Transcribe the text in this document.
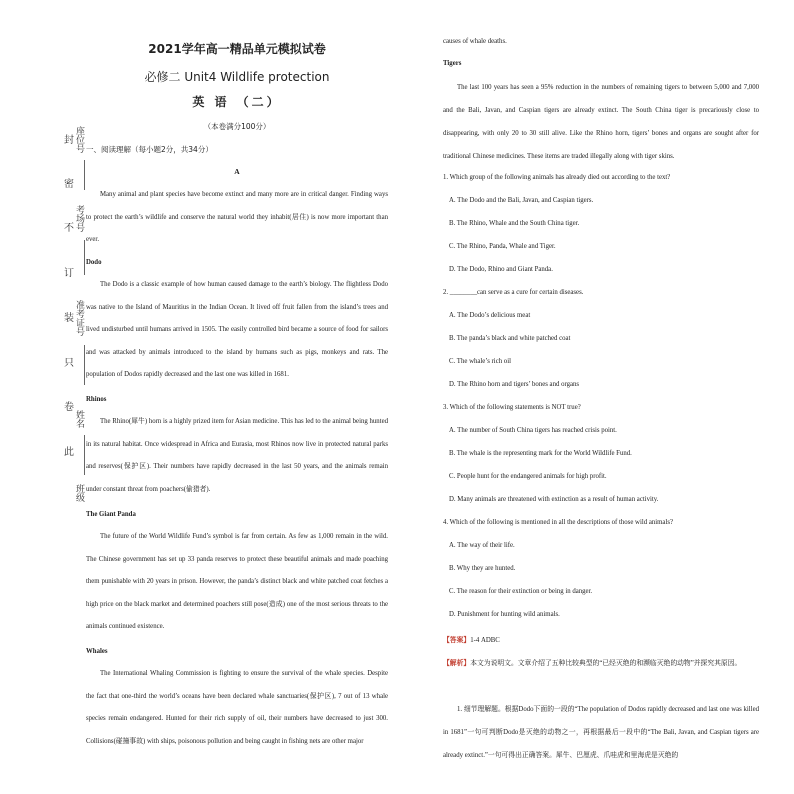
封
密
不
订
装
只
卷
此
座位号
考场号
准考证号
姓名
班级
2021学年高一精品单元模拟试卷
必修二 Unit4 Wildlife protection
英 语 （二）
（本卷满分100分）
一、阅读理解（每小题2分，共34分）
A

Many animal and plant species have become extinct and many more are in critical danger. Finding ways to protect the earth’s wildlife and conserve the natural world they inhabit(居住) is now more important than ever.

Dodo

The Dodo is a classic example of how human caused damage to the earth’s biology. The flightless Dodo was native to the Island of Mauritius in the Indian Ocean. It lived off fruit fallen from the island’s trees and lived undisturbed until humans arrived in 1505. The easily controlled bird became a source of food for sailors and was attacked by animals introduced to the island by humans such as pigs, monkeys and rats. The population of Dodos rapidly decreased and the last one was killed in 1681.

Rhinos

The Rhino(犀牛) horn is a highly prized item for Asian medicine. This has led to the animal being hunted in its natural habitat. Once widespread in Africa and Eurasia, most Rhinos now live in protected natural parks and reserves(保护区). Their numbers have rapidly decreased in the last 50 years, and the animals remain under constant threat from poachers(偷猎者).

The Giant Panda

The future of the World Wildlife Fund’s symbol is far from certain. As few as 1,000 remain in the wild. The Chinese government has set up 33 panda reserves to protect these beautiful animals and made poaching them punishable with 20 years in prison. However, the panda’s distinct black and white patched coat fetches a high price on the black market and determined poachers still pose(造成) one of the most serious threats to the animals continued existence.

Whales

The International Whaling Commission is fighting to ensure the survival of the whale species. Despite the fact that one-third the world’s oceans have been declared whale sanctuaries(保护区), 7 out of 13 whale species remain endangered. Hunted for their rich supply of oil, their numbers have decreased to just 300. Collisions(碰撞事故) with ships, poisonous pollution and being caught in fishing nets are other major

causes of whale deaths.
Tigers

The last 100 years has seen a 95% reduction in the numbers of remaining tigers to between 5,000 and 7,000 and the Bali, Javan, and Caspian tigers are already extinct. The South China tiger is precariously close to disappearing, with only 20 to 30 still alive. Like the Rhino horn, tigers’ bones and organs are sought after for traditional Chinese medicines. These items are traded illegally along with tiger skins.

1. Which group of the following animals has already died out according to the text?
A. The Dodo and the Bali, Javan, and Caspian tigers.
B. The Rhino, Whale and the South China tiger.
C. The Rhino, Panda, Whale and Tiger.
D. The Dodo, Rhino and Giant Panda.
2. ________can serve as a cure for certain diseases.
A. The Dodo’s delicious meat
B. The panda’s black and white patched coat
C. The whale’s rich oil
D. The Rhino horn and tigers’ bones and organs
3. Which of the following statements is NOT true?
A. The number of South China tigers has reached crisis point.
B. The whale is the representing mark for the World Wildlife Fund.
C. People hunt for the endangered animals for high profit.
D. Many animals are threatened with extinction as a result of human activity.
4. Which of the following is mentioned in all the descriptions of those wild animals?
A. The way of their life.
B. Why they are hunted.
C. The reason for their extinction or being in danger.
D. Punishment for hunting wild animals.
【答案】1-4 ADBC

【解析】本文为说明文。文章介绍了五种比较典型的“已经灭绝的和濒临灭绝的动物”并探究其原因。

1. 细节理解题。根据Dodo下面的一段的“The population of Dodos rapidly decreased and last one was killed in 1681”一句可判断Dodo是灭绝的动物之一，再根据最后一段中的“The Bali, Javan, and Caspian tigers are already extinct.”一句可得出正确答案。犀牛、巴厘虎、爪哇虎和里海虎是灭绝的
